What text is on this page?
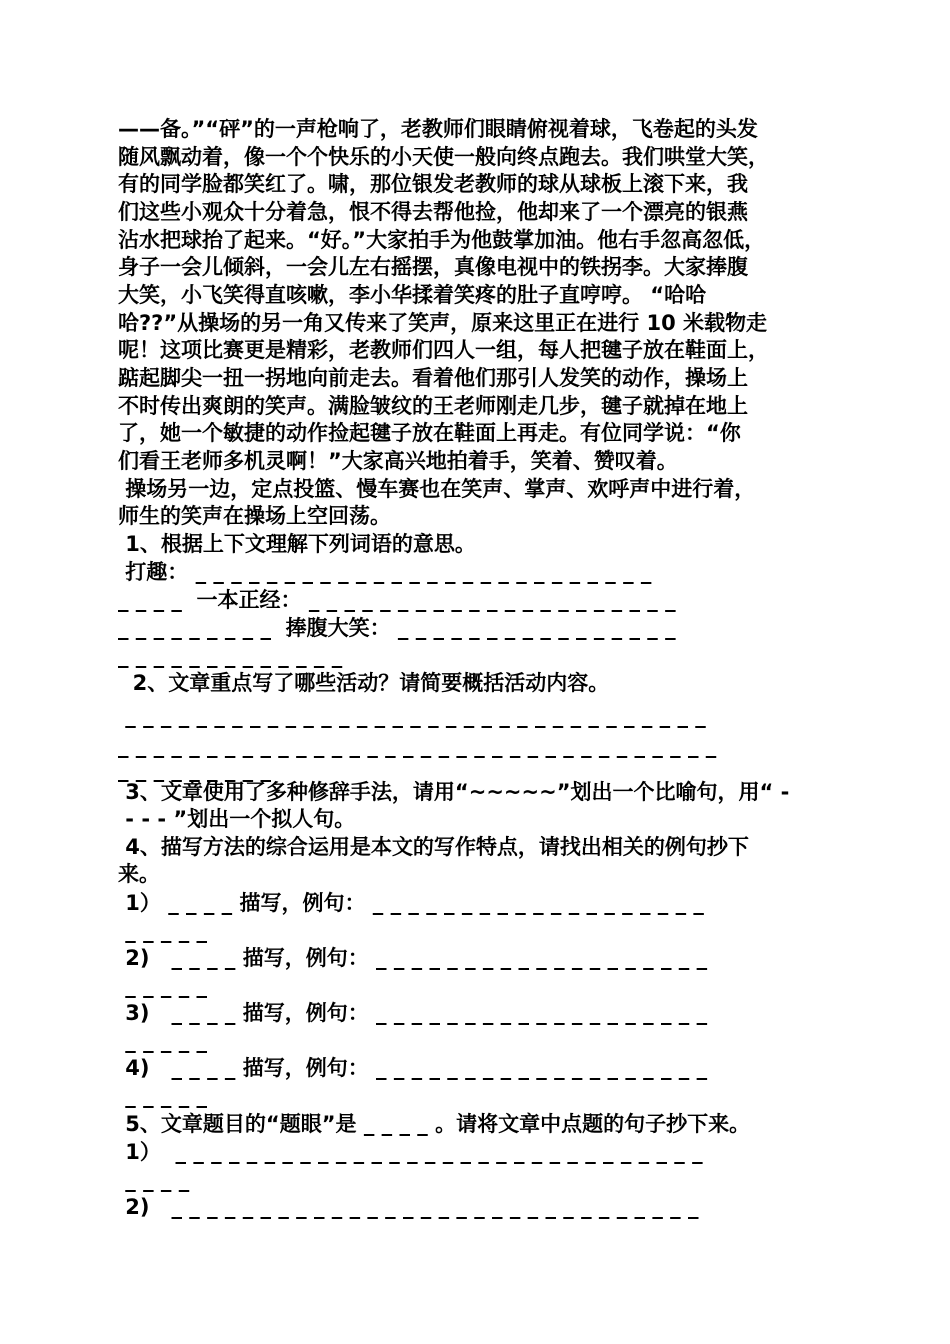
——备。”“砰”的一声枪响了，老教师们眼睛俯视着球，飞卷起的头发
随风飘动着，像一个个快乐的小天使一般向终点跑去。我们哄堂大笑，
有的同学脸都笑红了。啸，那位银发老教师的球从球板上滚下来，我
们这些小观众十分着急，恨不得去帮他捡，他却来了一个漂亮的银燕
沾水把球抬了起来。“好。”大家拍手为他鼓掌加油。他右手忽高忽低，
身子一会儿倾斜，一会儿左右摇摆，真像电视中的铁拐李。大家捧腹
大笑，小飞笑得直咳嗽，李小华揉着笑疼的肚子直哼哼。 “哈哈
哈??”从操场的另一角又传来了笑声，原来这里正在进行 10 米载物走
呢！这项比赛更是精彩，老教师们四人一组，每人把毽子放在鞋面上，
踮起脚尖一扭一拐地向前走去。看着他们那引人发笑的动作，操场上
不时传出爽朗的笑声。满脸皱纹的王老师刚走几步，毽子就掉在地上
了，她一个敏捷的动作捡起毽子放在鞋面上再走。有位同学说：“你
们看王老师多机灵啊！”大家高兴地拍着手，笑着、赞叹着。
操场另一边，定点投篮、慢车赛也在笑声、掌声、欢呼声中进行着，
师生的笑声在操场上空回荡。
1、根据上下文理解下列词语的意思。
打趣： _ _ _ _ _ _ _ _ _ _ _ _ _ _ _ _ _ _ _ _ _ _ _ _ _ _
_ _ _ _  一本正经： _ _ _ _ _ _ _ _ _ _ _ _ _ _ _ _ _ _ _ _ _
_ _ _ _ _ _ _ _ _  捧腹大笑： _ _ _ _ _ _ _ _ _ _ _ _ _ _ _ _
_ _ _ _ _ _ _ _ _ _ _ _ _
2、文章重点写了哪些活动？请简要概括活动内容。
_ _ _ _ _ _ _ _ _ _ _ _ _ _ _ _ _ _ _ _ _ _ _ _ _ _ _ _ _ _ _ _ _
_ _ _ _ _ _ _ _ _ _ _ _ _ _ _ _ _ _ _ _ _ _ _ _ _ _ _ _ _ _ _ _ _ _
_ _ _ _ _ _ _ _ _
3、文章使用了多种修辞手法，请用“~~~~~”划出一个比喻句，用“ -
- - - ”划出一个拟人句。
4、描写方法的综合运用是本文的写作特点，请找出相关的例句抄下
来。
1） _ _ _ _ 描写，例句： _ _ _ _ _ _ _ _ _ _ _ _ _ _ _ _ _ _ _
_ _ _ _ _
2)   _ _ _ _ 描写，例句： _ _ _ _ _ _ _ _ _ _ _ _ _ _ _ _ _ _ _
_ _ _ _ _
3)   _ _ _ _ 描写，例句： _ _ _ _ _ _ _ _ _ _ _ _ _ _ _ _ _ _ _
_ _ _ _ _
4)   _ _ _ _ 描写，例句： _ _ _ _ _ _ _ _ _ _ _ _ _ _ _ _ _ _ _
_ _ _ _ _
5、文章题目的“题眼”是 _ _ _ _ 。请将文章中点题的句子抄下来。
1）  _ _ _ _ _ _ _ _ _ _ _ _ _ _ _ _ _ _ _ _ _ _ _ _ _ _ _ _ _ _
_ _ _ _
2)   _ _ _ _ _ _ _ _ _ _ _ _ _ _ _ _ _ _ _ _ _ _ _ _ _ _ _ _ _ _
